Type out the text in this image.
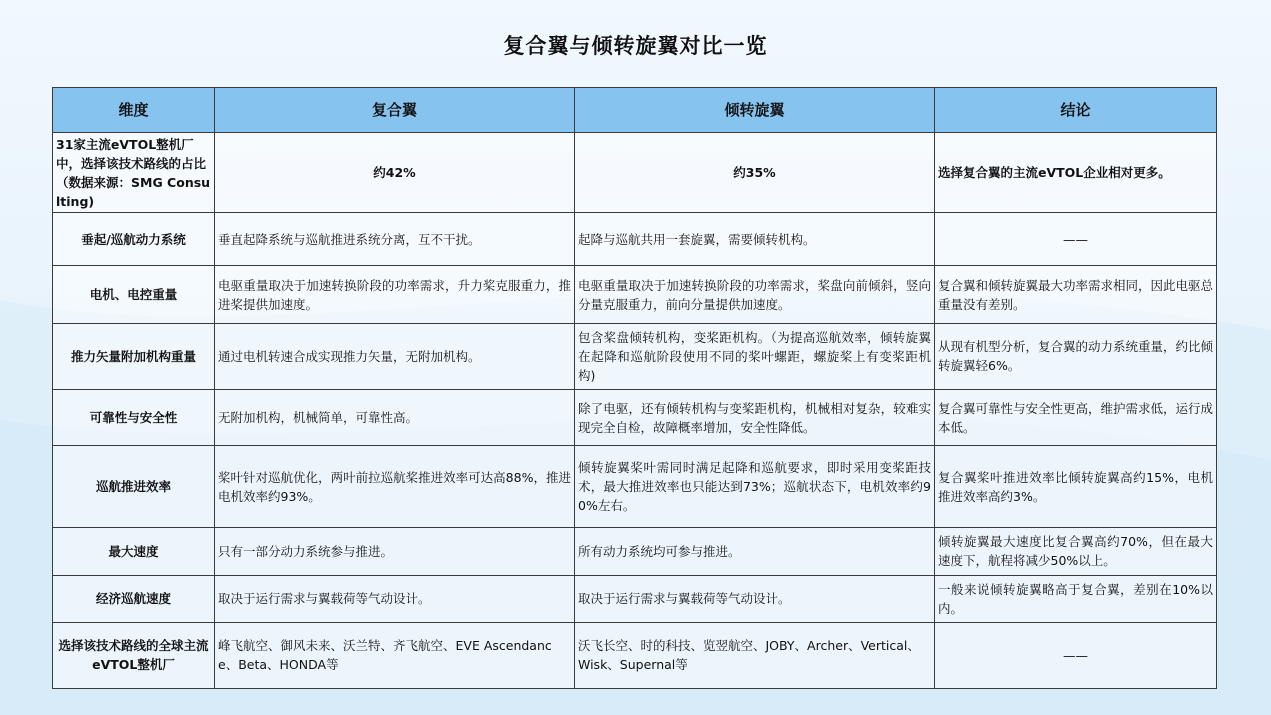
复合翼与倾转旋翼对比一览
维度	复合翼	倾转旋翼	结论
31家主流eVTOL整机厂中，选择该技术路线的占比（数据来源：SMG Consulting)	约42%	约35%	选择复合翼的主流eVTOL企业相对更多。
垂起/巡航动力系统	垂直起降系统与巡航推进系统分离，互不干扰。	起降与巡航共用一套旋翼，需要倾转机构。	——
电机、电控重量	电驱重量取决于加速转换阶段的功率需求，升力桨克服重力，推进桨提供加速度。	电驱重量取决于加速转换阶段的功率需求，桨盘向前倾斜，竖向分量克服重力，前向分量提供加速度。	复合翼和倾转旋翼最大功率需求相同，因此电驱总重量没有差别。
推力矢量附加机构重量	通过电机转速合成实现推力矢量，无附加机构。	包含桨盘倾转机构，变桨距机构。（为提高巡航效率，倾转旋翼在起降和巡航阶段使用不同的桨叶螺距，螺旋桨上有变桨距机构)	从现有机型分析，复合翼的动力系统重量，约比倾转旋翼轻6%。
可靠性与安全性	无附加机构，机械简单，可靠性高。	除了电驱，还有倾转机构与变桨距机构，机械相对复杂，较难实现完全自检，故障概率增加，安全性降低。	复合翼可靠性与安全性更高，维护需求低，运行成本低。
巡航推进效率	桨叶针对巡航优化，两叶前拉巡航桨推进效率可达高88%，推进电机效率约93%。	倾转旋翼桨叶需同时满足起降和巡航要求，即时采用变桨距技术，最大推进效率也只能达到73%；巡航状态下，电机效率约90%左右。	复合翼桨叶推进效率比倾转旋翼高约15%，电机推进效率高约3%。
最大速度	只有一部分动力系统参与推进。	所有动力系统均可参与推进。	倾转旋翼最大速度比复合翼高约70%，但在最大速度下，航程将减少50%以上。
经济巡航速度	取决于运行需求与翼载荷等气动设计。	取决于运行需求与翼载荷等气动设计。	一般来说倾转旋翼略高于复合翼，差别在10%以内。
选择该技术路线的全球主流eVTOL整机厂	峰飞航空、御风未来、沃兰特、齐飞航空、EVE Ascendance、Beta、HONDA等	沃飞长空、时的科技、览翌航空、JOBY、Archer、Vertical、Wisk、Supernal等	——
